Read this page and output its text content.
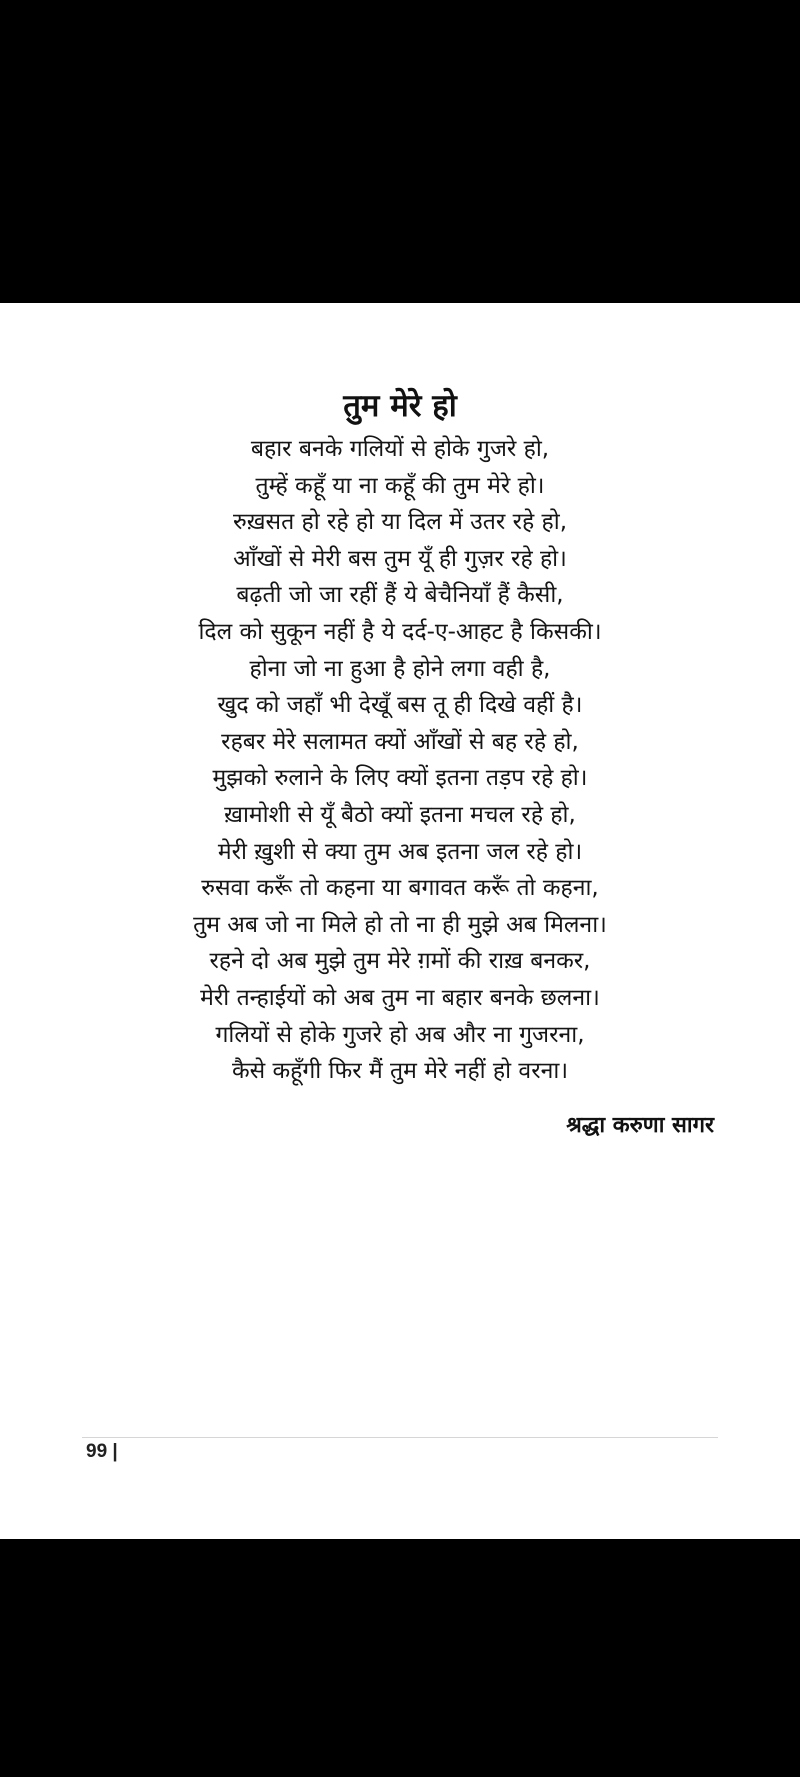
तुम मेरे हो
बहार बनके गलियों से होके गुजरे हो,
तुम्हें कहूँ या ना कहूँ की तुम मेरे हो।
रुख़सत हो रहे हो या दिल में उतर रहे हो,
आँखों से मेरी बस तुम यूँ ही गुज़र रहे हो।
बढ़ती जो जा रहीं हैं ये बेचैनियाँ हैं कैसी,
दिल को सुकून नहीं है ये दर्द-ए-आहट है किसकी।
होना जो ना हुआ है होने लगा वही है,
खुद को जहाँ भी देखूँ बस तू ही दिखे वहीं है।
रहबर मेरे सलामत क्यों आँखों से बह रहे हो,
मुझको रुलाने के लिए क्यों इतना तड़प रहे हो।
ख़ामोशी से यूँ बैठो क्यों इतना मचल रहे हो,
मेरी ख़ुशी से क्या तुम अब इतना जल रहे हो।
रुसवा करूँ तो कहना या बगावत करूँ तो कहना,
तुम अब जो ना मिले हो तो ना ही मुझे अब मिलना।
रहने दो अब मुझे तुम मेरे ग़मों की राख़ बनकर,
मेरी तन्हाईयों को अब तुम ना बहार बनके छलना।
गलियों से होके गुजरे हो अब और ना गुजरना,
कैसे कहूँगी फिर मैं तुम मेरे नहीं हो वरना।

श्रद्धा करुणा सागर

99 |
